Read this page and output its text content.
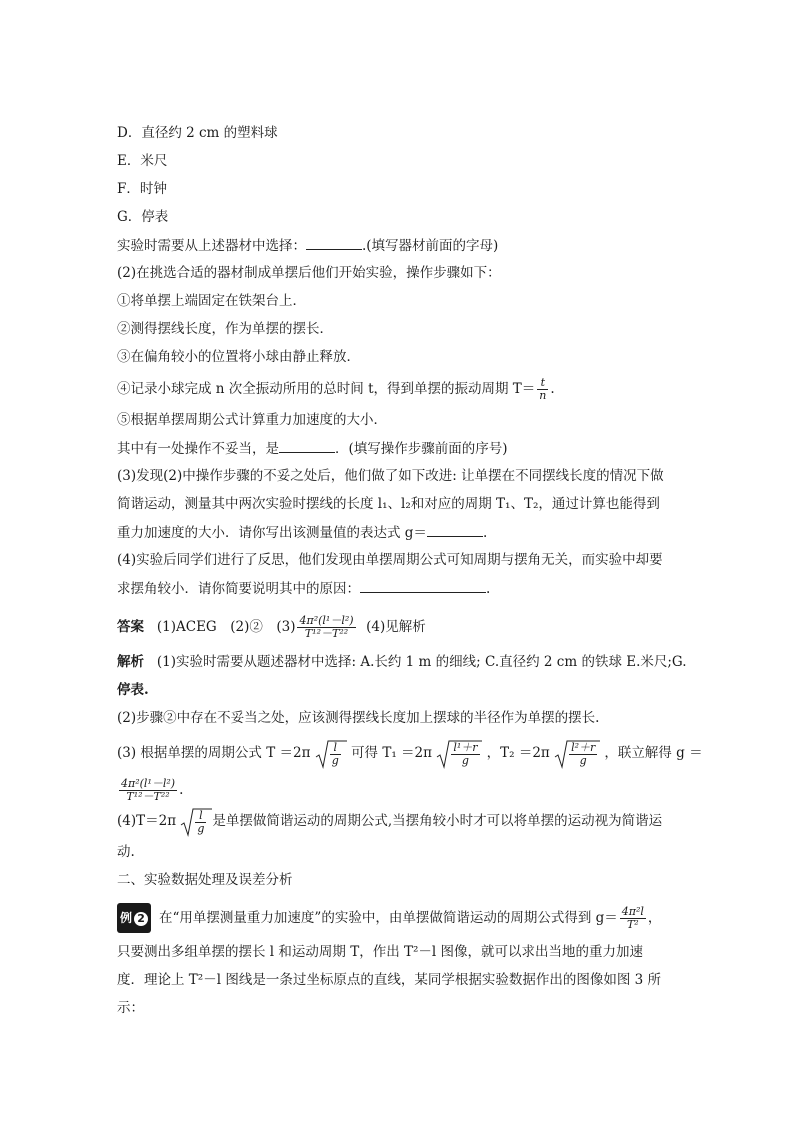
D．直径约 2 cm 的塑料球
E．米尺
F．时钟
G．停表
实验时需要从上述器材中选择：	.(填写器材前面的字母)
(2)在挑选合适的器材制成单摆后他们开始实验，操作步骤如下：
①将单摆上端固定在铁架台上．
②测得摆线长度，作为单摆的摆长．
③在偏角较小的位置将小球由静止释放．
④记录小球完成 n 次全振动所用的总时间 t，得到单摆的振动周期 $T= \frac{t}{n}$ .
⑤根据单摆周期公式计算重力加速度的大小．
其中有一处操作不妥当，是	．(填写操作步骤前面的序号)
(3)发现(2)中操作步骤的不妥之处后，他们做了如下改进: 让单摆在不同摆线长度的情况下做
简谐运动，测量其中两次实验时摆线的长度 l₁、l₂和对应的周期 T₁、T₂，通过计算也能得到
重力加速度的大小．请你写出该测量值的表达式 g＝	.
(4)实验后同学们进行了反思，他们发现由单摆周期公式可知周期与摆角无关，而实验中却要
求摆角较小．请你简要说明其中的原因：	.
答案 (1)ACEG　(2)②　$(3) \frac{\text{4π²(l¹－l²)}}{\text{T¹²－T²²}} (4)$见解析
解析 (1)实验时需要从题述器材中选择: A.长约 1 m 的细线; C.直径约 2 cm 的铁球 E.米尺;G.
停表.
(2)步骤②中存在不妥当之处，应该测得摆线长度加上摆球的半径作为单摆的摆长.
(3) 根据单摆的周期公式 $T =2\pi \frac{l}{g}$ 可得 $T_1 =2\pi \frac{\text{l¹＋r}}{g}$ ，$T_2 =2\pi \frac{\text{l²＋r}}{g}$ ，联立解得 g ＝
$\frac{\text{4π²(l¹－l²)}}{\text{T¹²－T²²}}$ .
$(4)T=2\pi \frac{l}{g}$ 是单摆做简谐运动的周期公式,当摆角较小时才可以将单摆的运动视为简谐运
动.
二、实验数据处理及误差分析
例 2 在“用单摆测量重力加速度”的实验中，由单摆做简谐运动的周期公式得到 $g= \frac{\text{4π²l}}{\text{T²}}$ ，
只要测出多组单摆的摆长 l 和运动周期 T，作出 T²－l 图像，就可以求出当地的重力加速
度．理论上 T²－l 图线是一条过坐标原点的直线，某同学根据实验数据作出的图像如图 3 所
示：
